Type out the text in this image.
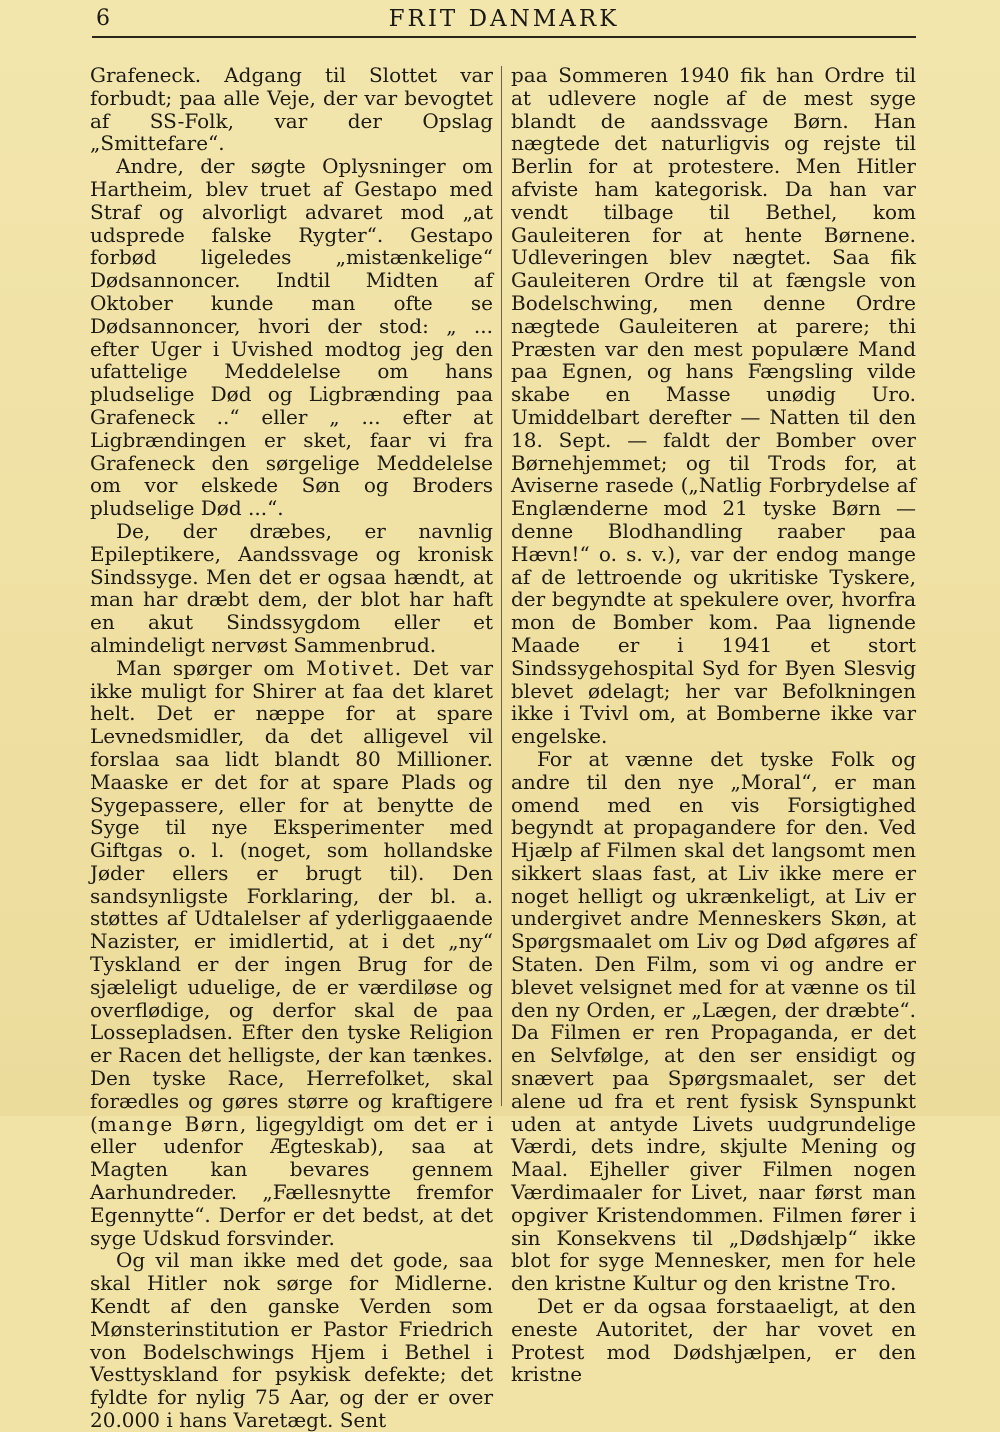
6	FRIT DANMARK

Grafeneck. Adgang til Slottet var forbudt; paa alle Veje, der var bevogtet af SS-Folk, var der Opslag „Smittefare“.

Andre, der søgte Oplysninger om Hartheim, blev truet af Gestapo med Straf og alvorligt advaret mod „at udsprede falske Rygter“. Gestapo forbød ligeledes „mistænkelige“ Dødsannoncer. Indtil Midten af Oktober kunde man ofte se Dødsannoncer, hvori der stod: „ ... efter Uger i Uvished modtog jeg den ufattelige Meddelelse om hans pludselige Død og Ligbrænding paa Grafeneck ..“ eller „ ... efter at Ligbrændingen er sket, faar vi fra Grafeneck den sørgelige Meddelelse om vor elskede Søn og Broders pludselige Død ...“.

De, der dræbes, er navnlig Epileptikere, Aandssvage og kronisk Sindssyge. Men det er ogsaa hændt, at man har dræbt dem, der blot har haft en akut Sindssygdom eller et almindeligt nervøst Sammenbrud.

Man spørger om Motivet. Det var ikke muligt for Shirer at faa det klaret helt. Det er næppe for at spare Levnedsmidler, da det alligevel vil forslaa saa lidt blandt 80 Millioner. Maaske er det for at spare Plads og Sygepassere, eller for at benytte de Syge til nye Eksperimenter med Giftgas o. l. (noget, som hollandske Jøder ellers er brugt til). Den sandsynligste Forklaring, der bl. a. støttes af Udtalelser af yderliggaaende Nazister, er imidlertid, at i det „ny“ Tyskland er der ingen Brug for de sjæleligt uduelige, de er værdiløse og overflødige, og derfor skal de paa Lossepladsen. Efter den tyske Religion er Racen det helligste, der kan tænkes. Den tyske Race, Herrefolket, skal forædles og gøres større og kraftigere (mange Børn, ligegyldigt om det er i eller udenfor Ægteskab), saa at Magten kan bevares gennem Aarhundreder. „Fællesnytte fremfor Egennytte“. Derfor er det bedst, at det syge Udskud forsvinder.

Og vil man ikke med det gode, saa skal Hitler nok sørge for Midlerne. Kendt af den ganske Verden som Mønsterinstitution er Pastor Friedrich von Bodelschwings Hjem i Bethel i Vesttyskland for psykisk defekte; det fyldte for nylig 75 Aar, og der er over 20.000 i hans Varetægt. Sent

paa Sommeren 1940 fik han Ordre til at udlevere nogle af de mest syge blandt de aandssvage Børn. Han nægtede det naturligvis og rejste til Berlin for at protestere. Men Hitler afviste ham kategorisk. Da han var vendt tilbage til Bethel, kom Gauleiteren for at hente Børnene. Udleveringen blev nægtet. Saa fik Gauleiteren Ordre til at fængsle von Bodelschwing, men denne Ordre nægtede Gauleiteren at parere; thi Præsten var den mest populære Mand paa Egnen, og hans Fængsling vilde skabe en Masse unødig Uro. Umiddelbart derefter — Natten til den 18. Sept. — faldt der Bomber over Børnehjemmet; og til Trods for, at Aviserne rasede („Natlig Forbrydelse af Englænderne mod 21 tyske Børn — denne Blodhandling raaber paa Hævn!“ o. s. v.), var der endog mange af de lettroende og ukritiske Tyskere, der begyndte at spekulere over, hvorfra mon de Bomber kom. Paa lignende Maade er i 1941 et stort Sindssygehospital Syd for Byen Slesvig blevet ødelagt; her var Befolkningen ikke i Tvivl om, at Bomberne ikke var engelske.

For at vænne det tyske Folk og andre til den nye „Moral“, er man omend med en vis Forsigtighed begyndt at propagandere for den. Ved Hjælp af Filmen skal det langsomt men sikkert slaas fast, at Liv ikke mere er noget helligt og ukrænkeligt, at Liv er undergivet andre Menneskers Skøn, at Spørgsmaalet om Liv og Død afgøres af Staten. Den Film, som vi og andre er blevet velsignet med for at vænne os til den ny Orden, er „Lægen, der dræbte“. Da Filmen er ren Propaganda, er det en Selvfølge, at den ser ensidigt og snævert paa Spørgsmaalet, ser det alene ud fra et rent fysisk Synspunkt uden at antyde Livets uudgrundelige Værdi, dets indre, skjulte Mening og Maal. Ejheller giver Filmen nogen Værdimaaler for Livet, naar først man opgiver Kristendommen. Filmen fører i sin Konsekvens til „Dødshjælp“ ikke blot for syge Mennesker, men for hele den kristne Kultur og den kristne Tro.

Det er da ogsaa forstaaeligt, at den eneste Autoritet, der har vovet en Protest mod Dødshjælpen, er den kristne
